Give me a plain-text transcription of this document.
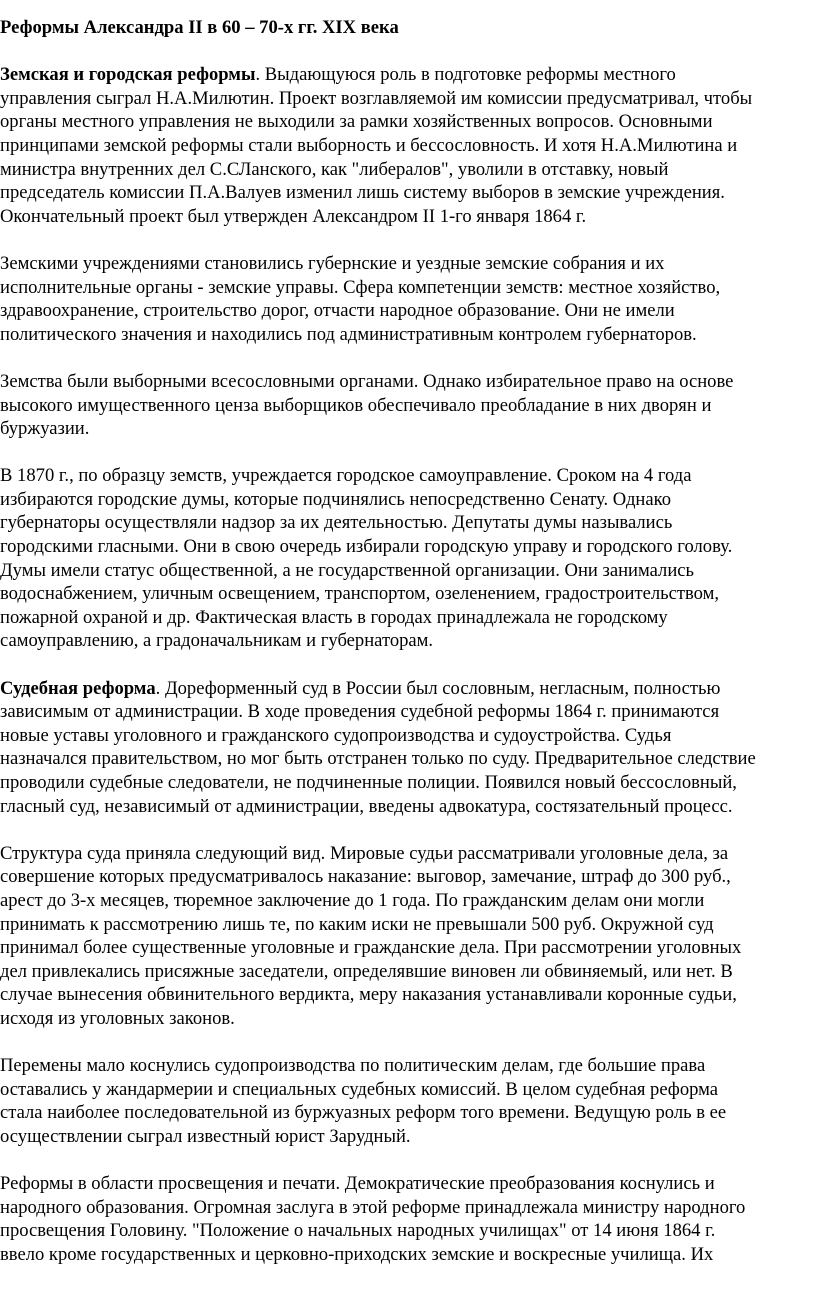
Реформы Александра II в 60 – 70-х гг. XIX века

Земская и городская реформы. Выдающуюся роль в подготовке реформы местного
управления сыграл Н.А.Милютин. Проект возглавляемой им комиссии предусматривал, чтобы
органы местного управления не выходили за рамки хозяйственных вопросов. Основными
принципами земской реформы стали выборность и бессословность. И хотя Н.А.Милютина и
министра внутренних дел С.СЛанского, как "либералов", уволили в отставку, новый
председатель комиссии П.А.Валуев изменил лишь систему выборов в земские учреждения.
Окончательный проект был утвержден Александром II 1-го января 1864 г.

Земскими учреждениями становились губернские и уездные земские собрания и их
исполнительные органы - земские управы. Сфера компетенции земств: местное хозяйство,
здравоохранение, строительство дорог, отчасти народное образование. Они не имели
политического значения и находились под административным контролем губернаторов.

Земства были выборными всесословными органами. Однако избирательное право на основе
высокого имущественного ценза выборщиков обеспечивало преобладание в них дворян и
буржуазии.

В 1870 г., по образцу земств, учреждается городское самоуправление. Сроком на 4 года
избираются городские думы, которые подчинялись непосредственно Сенату. Однако
губернаторы осуществляли надзор за их деятельностью. Депутаты думы назывались
городскими гласными. Они в свою очередь избирали городскую управу и городского голову.
Думы имели статус общественной, а не государственной организации. Они занимались
водоснабжением, уличным освещением, транспортом, озеленением, градостроительством,
пожарной охраной и др. Фактическая власть в городах принадлежала не городскому
самоуправлению, а градоначальникам и губернаторам.

Судебная реформа. Дореформенный суд в России был сословным, негласным, полностью
зависимым от администрации. В ходе проведения судебной реформы 1864 г. принимаются
новые уставы уголовного и гражданского судопроизводства и судоустройства. Судья
назначался правительством, но мог быть отстранен только по суду. Предварительное следствие
проводили судебные следователи, не подчиненные полиции. Появился новый бессословный,
гласный суд, независимый от администрации, введены адвокатура, состязательный процесс.

Структура суда приняла следующий вид. Мировые судьи рассматривали уголовные дела, за
совершение которых предусматривалось наказание: выговор, замечание, штраф до 300 руб.,
арест до 3-х месяцев, тюремное заключение до 1 года. По гражданским делам они могли
принимать к рассмотрению лишь те, по каким иски не превышали 500 руб. Окружной суд
принимал более существенные уголовные и гражданские дела. При рассмотрении уголовных
дел привлекались присяжные заседатели, определявшие виновен ли обвиняемый, или нет. В
случае вынесения обвинительного вердикта, меру наказания устанавливали коронные судьи,
исходя из уголовных законов.

Перемены мало коснулись судопроизводства по политическим делам, где большие права
оставались у жандармерии и специальных судебных комиссий. В целом судебная реформа
стала наиболее последовательной из буржуазных реформ того времени. Ведущую роль в ее
осуществлении сыграл известный юрист Зарудный.

Реформы в области просвещения и печати. Демократические преобразования коснулись и
народного образования. Огромная заслуга в этой реформе принадлежала министру народного
просвещения Головину. "Положение о начальных народных училищах" от 14 июня 1864 г.
ввело кроме государственных и церковно-приходских земские и воскресные училища. Их
